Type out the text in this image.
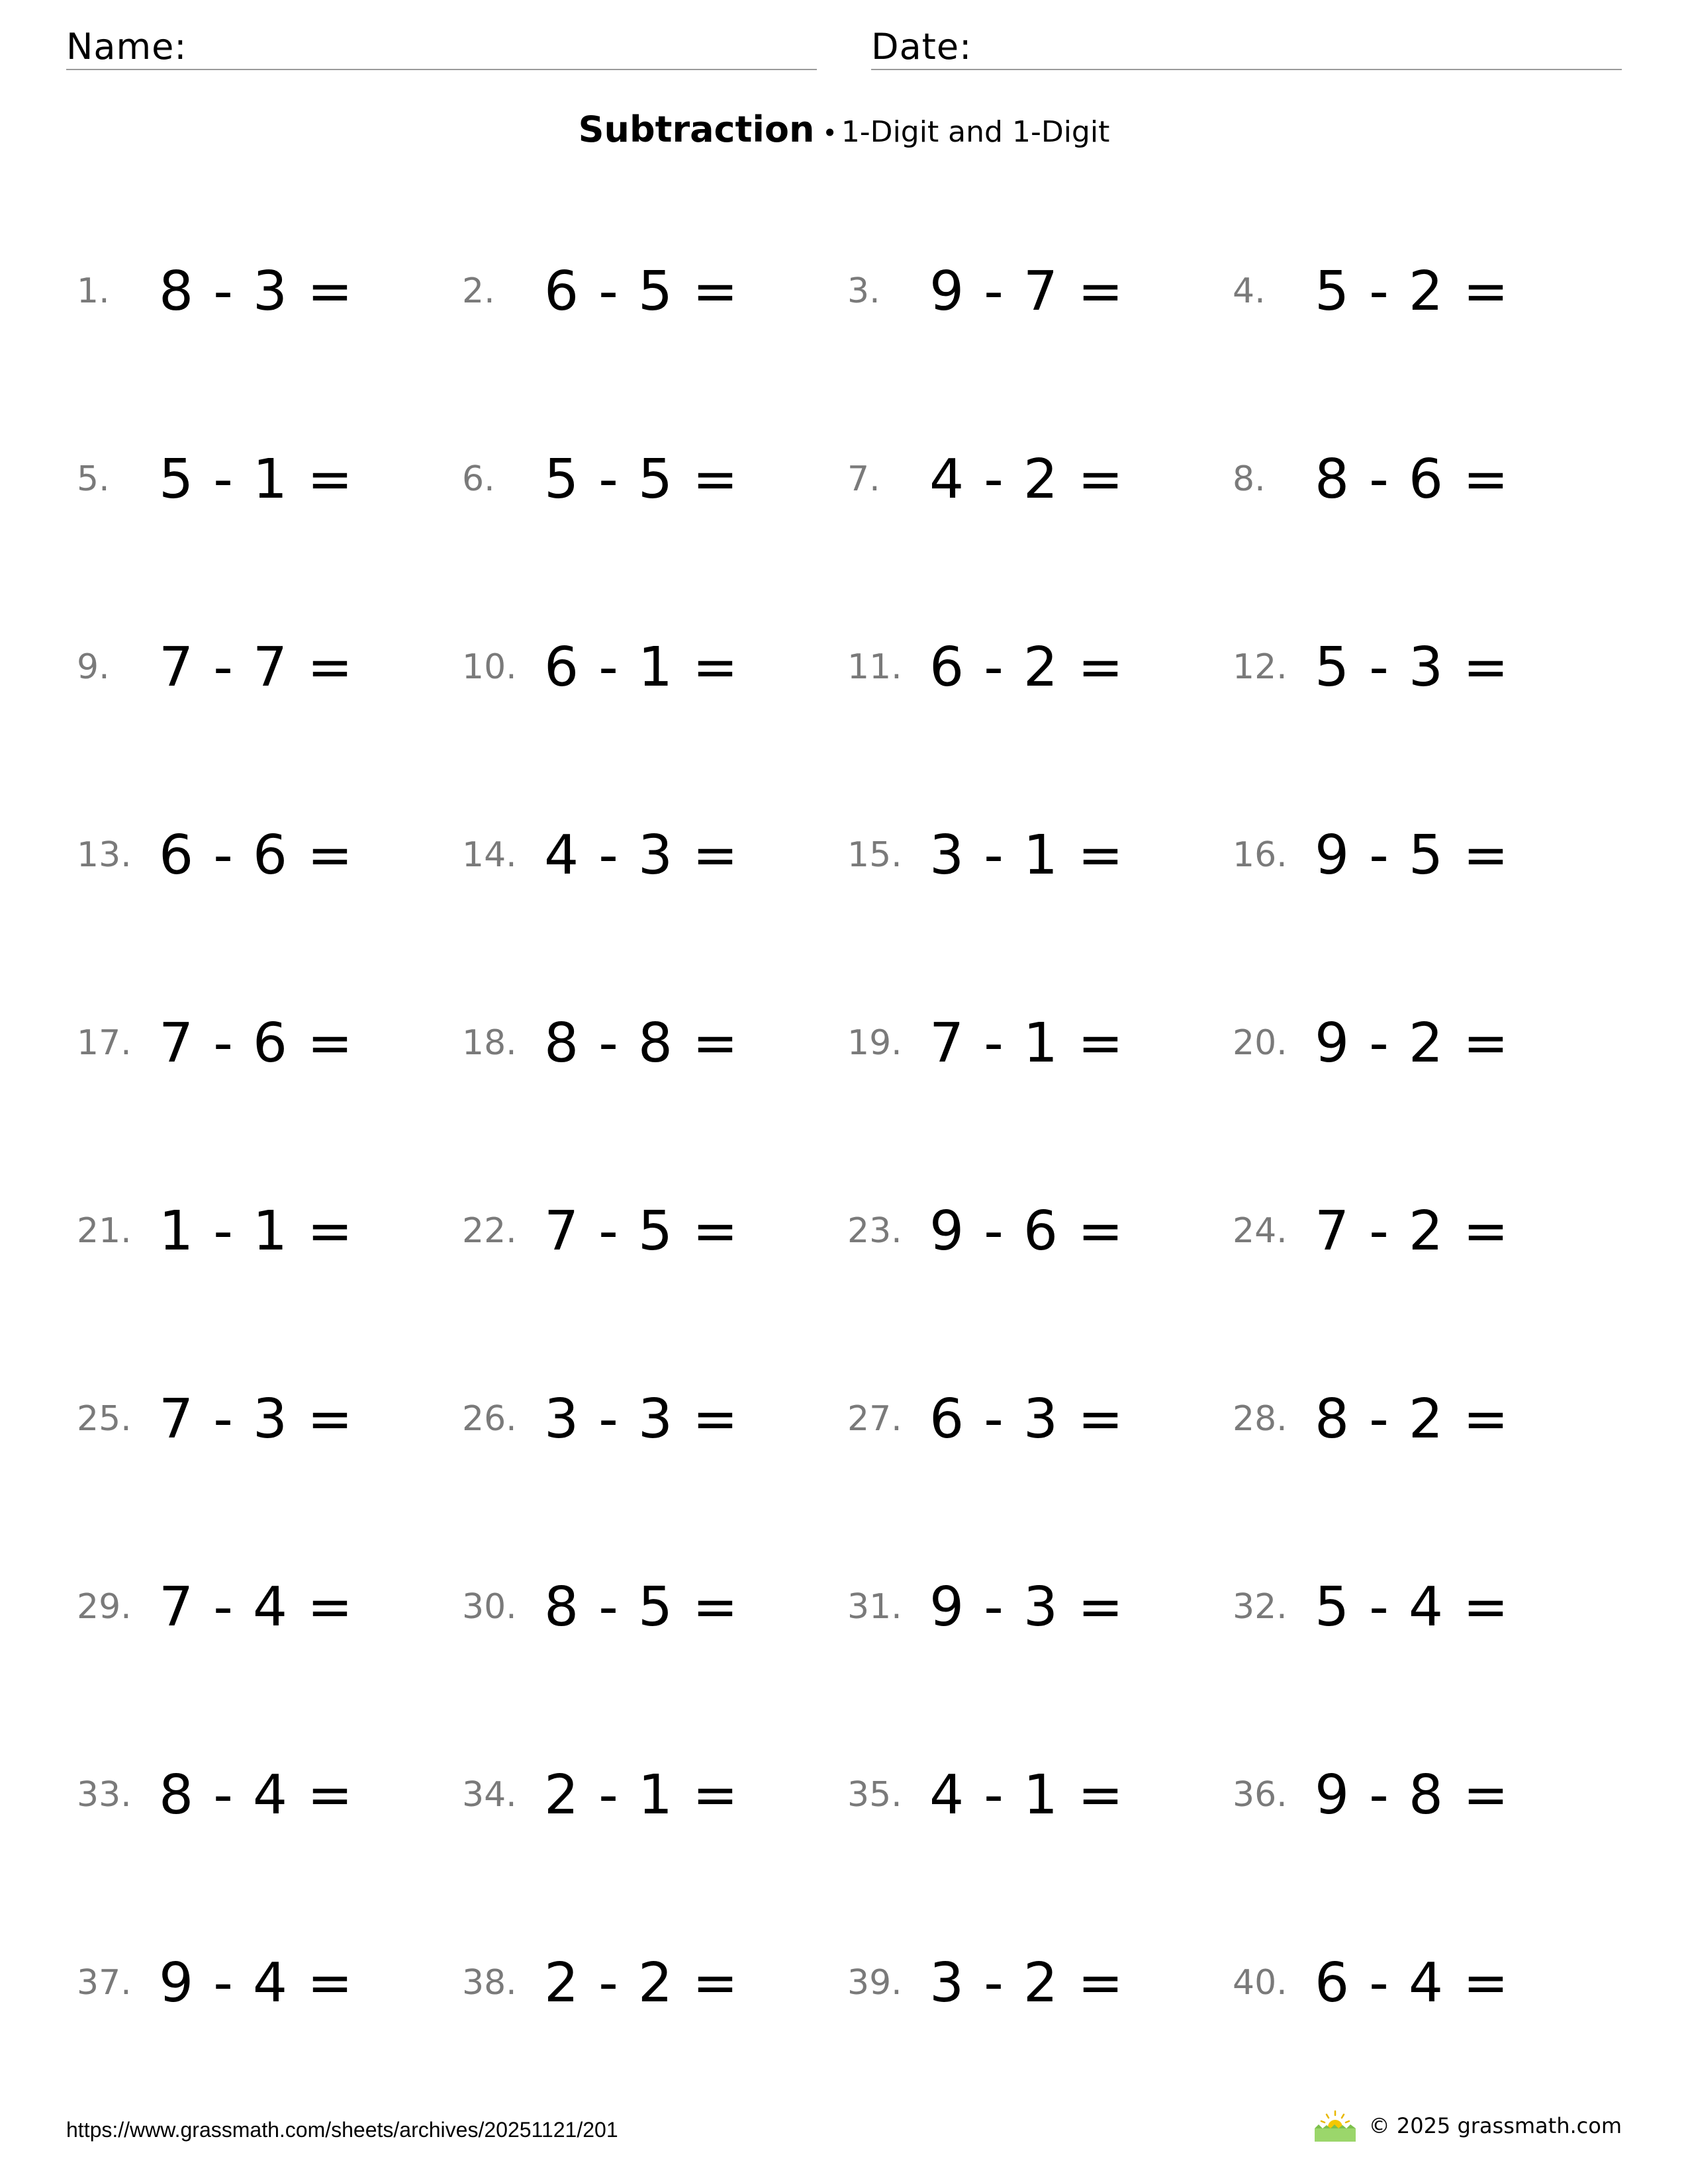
Name:	Date:
Subtraction • 1-Digit and 1-Digit
1. 8 - 3 =	2. 6 - 5 =	3. 9 - 7 =	4. 5 - 2 =
5. 5 - 1 =	6. 5 - 5 =	7. 4 - 2 =	8. 8 - 6 =
9. 7 - 7 =	10. 6 - 1 =	11. 6 - 2 =	12. 5 - 3 =
13. 6 - 6 =	14. 4 - 3 =	15. 3 - 1 =	16. 9 - 5 =
17. 7 - 6 =	18. 8 - 8 =	19. 7 - 1 =	20. 9 - 2 =
21. 1 - 1 =	22. 7 - 5 =	23. 9 - 6 =	24. 7 - 2 =
25. 7 - 3 =	26. 3 - 3 =	27. 6 - 3 =	28. 8 - 2 =
29. 7 - 4 =	30. 8 - 5 =	31. 9 - 3 =	32. 5 - 4 =
33. 8 - 4 =	34. 2 - 1 =	35. 4 - 1 =	36. 9 - 8 =
37. 9 - 4 =	38. 2 - 2 =	39. 3 - 2 =	40. 6 - 4 =
https://www.grassmath.com/sheets/archives/20251121/201	© 2025 grassmath.com
